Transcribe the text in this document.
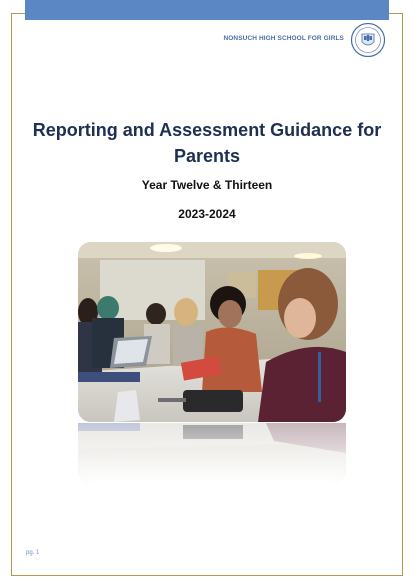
NONSUCH HIGH SCHOOL FOR GIRLS
Reporting and Assessment Guidance for Parents
Year Twelve & Thirteen
2023-2024
pg. 1
